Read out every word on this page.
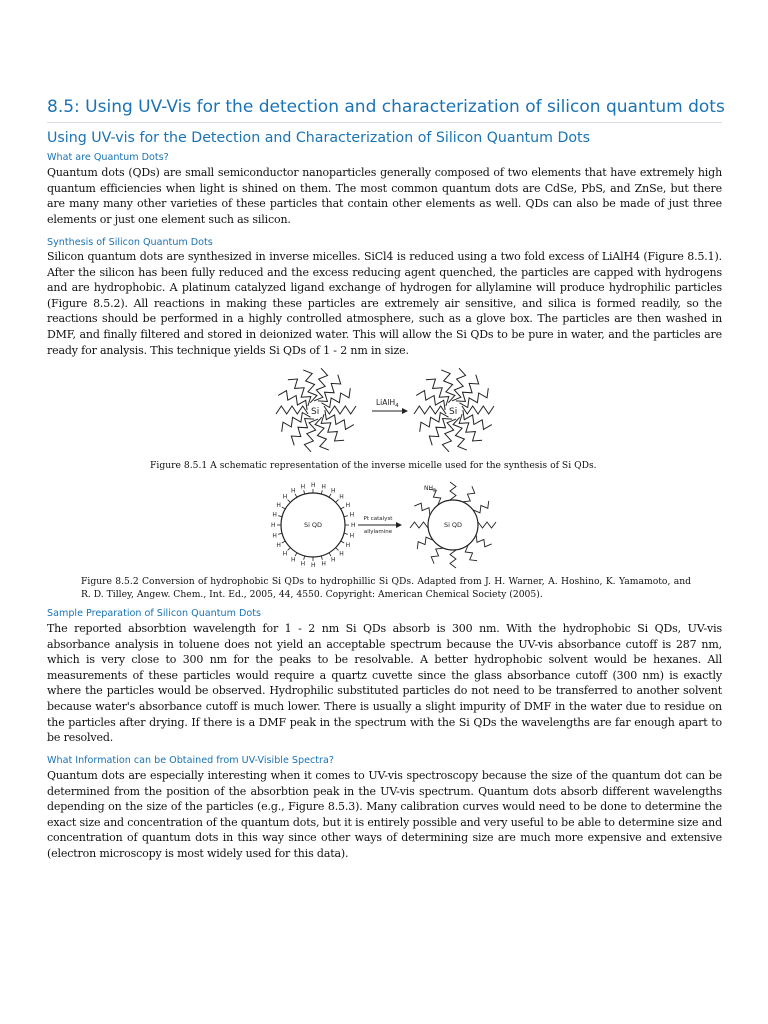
8.5: Using UV-Vis for the detection and characterization of silicon quantum dots
Using UV-vis for the Detection and Characterization of Silicon Quantum Dots
What are Quantum Dots?
Quantum dots (QDs) are small semiconductor nanoparticles generally composed of two elements that have extremely high quantum efficiencies when light is shined on them. The most common quantum dots are CdSe, PbS, and ZnSe, but there are many many other varieties of these particles that contain other elements as well. QDs can also be made of just three elements or just one element such as silicon.
Synthesis of Silicon Quantum Dots
Silicon quantum dots are synthesized in inverse micelles. SiCl4 is reduced using a two fold excess of LiAlH4 (Figure 8.5.1). After the silicon has been fully reduced and the excess reducing agent quenched, the particles are capped with hydrogens and are hydrophobic. A platinum catalyzed ligand exchange of hydrogen for allylamine will produce hydrophilic particles (Figure 8.5.2). All reactions in making these particles are extremely air sensitive, and silica is formed readily, so the reactions should be performed in a highly controlled atmosphere, such as a glove box. The particles are then washed in DMF, and finally filtered and stored in deionized water. This will allow the Si QDs to be pure in water, and the particles are ready for analysis. This technique yields Si QDs of 1 - 2 nm in size.
Sample Preparation of Silicon Quantum Dots
The reported absorbtion wavelength for 1 - 2 nm Si QDs absorb is 300 nm. With the hydrophobic Si QDs, UV-vis absorbance analysis in toluene does not yield an acceptable spectrum because the UV-vis absorbance cutoff is 287 nm, which is very close to 300 nm for the peaks to be resolvable. A better hydrophobic solvent would be hexanes. All measurements of these particles would require a quartz cuvette since the glass absorbance cutoff (300 nm) is exactly where the particles would be observed. Hydrophilic substituted particles do not need to be transferred to another solvent because water's absorbance cutoff is much lower. There is usually a slight impurity of DMF in the water due to residue on the particles after drying. If there is a DMF peak in the spectrum with the Si QDs the wavelengths are far enough apart to be resolved.
What Information can be Obtained from UV-Visible Spectra?
Quantum dots are especially interesting when it comes to UV-vis spectroscopy because the size of the quantum dot can be determined from the position of the absorbtion peak in the UV-vis spectrum. Quantum dots absorb different wavelengths depending on the size of the particles (e.g., Figure 8.5.3). Many calibration curves would need to be done to determine the exact size and concentration of the quantum dots, but it is entirely possible and very useful to be able to determine size and concentration of quantum dots in this way since other ways of determining size are much more expensive and extensive (electron microscopy is most widely used for this data).
Si	Si
LiAlH$_4$
Figure 8.5.1 A schematic representation of the inverse micelle used for the synthesis of Si QDs.
H
H
H
H
H
H
H
H
H
H
H
H
H
H
H
H
H
H H H
H
H
H
H
Si QD
Pt catalyst
allylamine
Si QD
$NH_2$
Figure 8.5.2 Conversion of hydrophobic Si QDs to hydrophillic Si QDs. Adapted from J. H. Warner, A. Hoshino, K. Yamamoto, and R. D. Tilley, Angew. Chem., Int. Ed., 2005, 44, 4550. Copyright: American Chemical Society (2005).
